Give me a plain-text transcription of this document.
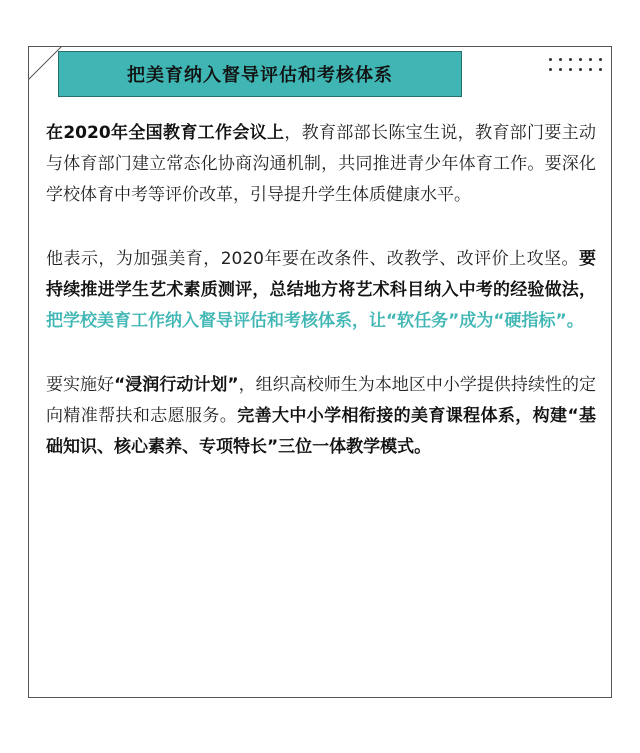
把美育纳入督导评估和考核体系

在2020年全国教育工作会议上，教育部部长陈宝生说，教育部门要主动与体育部门建立常态化协商沟通机制，共同推进青少年体育工作。要深化学校体育中考等评价改革，引导提升学生体质健康水平。

他表示，为加强美育，2020年要在改条件、改教学、改评价上攻坚。要持续推进学生艺术素质测评，总结地方将艺术科目纳入中考的经验做法，把学校美育工作纳入督导评估和考核体系，让“软任务”成为“硬指标”。

要实施好“浸润行动计划”，组织高校师生为本地区中小学提供持续性的定向精准帮扶和志愿服务。完善大中小学相衔接的美育课程体系，构建“基础知识、核心素养、专项特长”三位一体教学模式。
